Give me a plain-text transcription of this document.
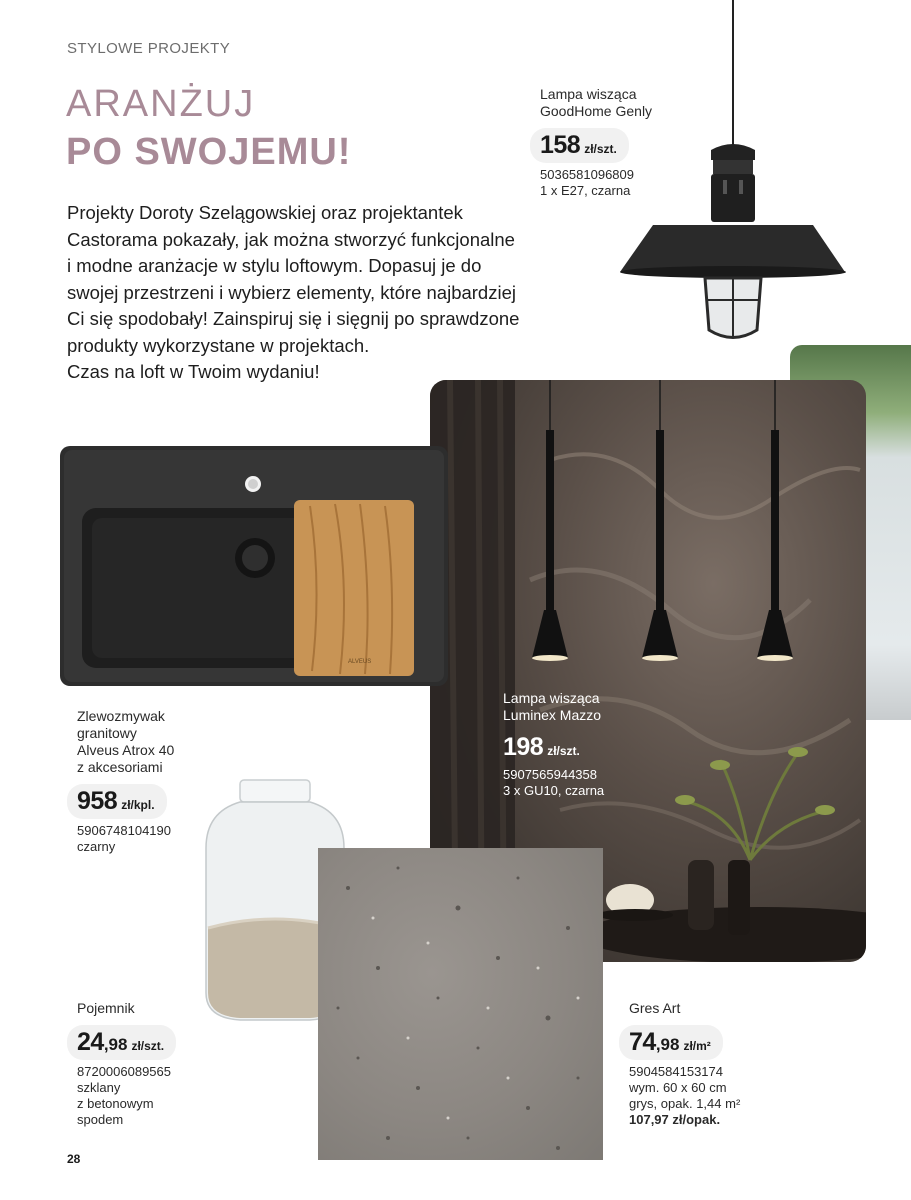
STYLOWE PROJEKTY
ARANŻUJ
PO SWOJEMU!
Projekty Doroty Szelągowskiej oraz projektantek
Castorama pokazały, jak można stworzyć funkcjonalne
i modne aranżacje w stylu loftowym. Dopasuj je do
swojej przestrzeni i wybierz elementy, które najbardziej
Ci się spodobały! Zainspiruj się i sięgnij po sprawdzone
produkty wykorzystane w projektach.
Czas na loft w Twoim wydaniu!
ALVEUS
Lampa wisząca
GoodHome Genly
158 zł/szt.
5036581096809
1 x E27, czarna
Lampa wisząca
Luminex Mazzo
198 zł/szt.
5907565944358
3 x GU10, czarna
Zlewozmywak
granitowy
Alveus Atrox 40
z akcesoriami
958 zł/kpl.
5906748104190
czarny
Pojemnik
24 ,98 zł/szt.
8720006089565
szklany
z betonowym
spodem
Gres Art
74 ,98 zł/m²
5904584153174
wym. 60 x 60 cm
grys, opak. 1,44 m²
107,97 zł/opak.
28
